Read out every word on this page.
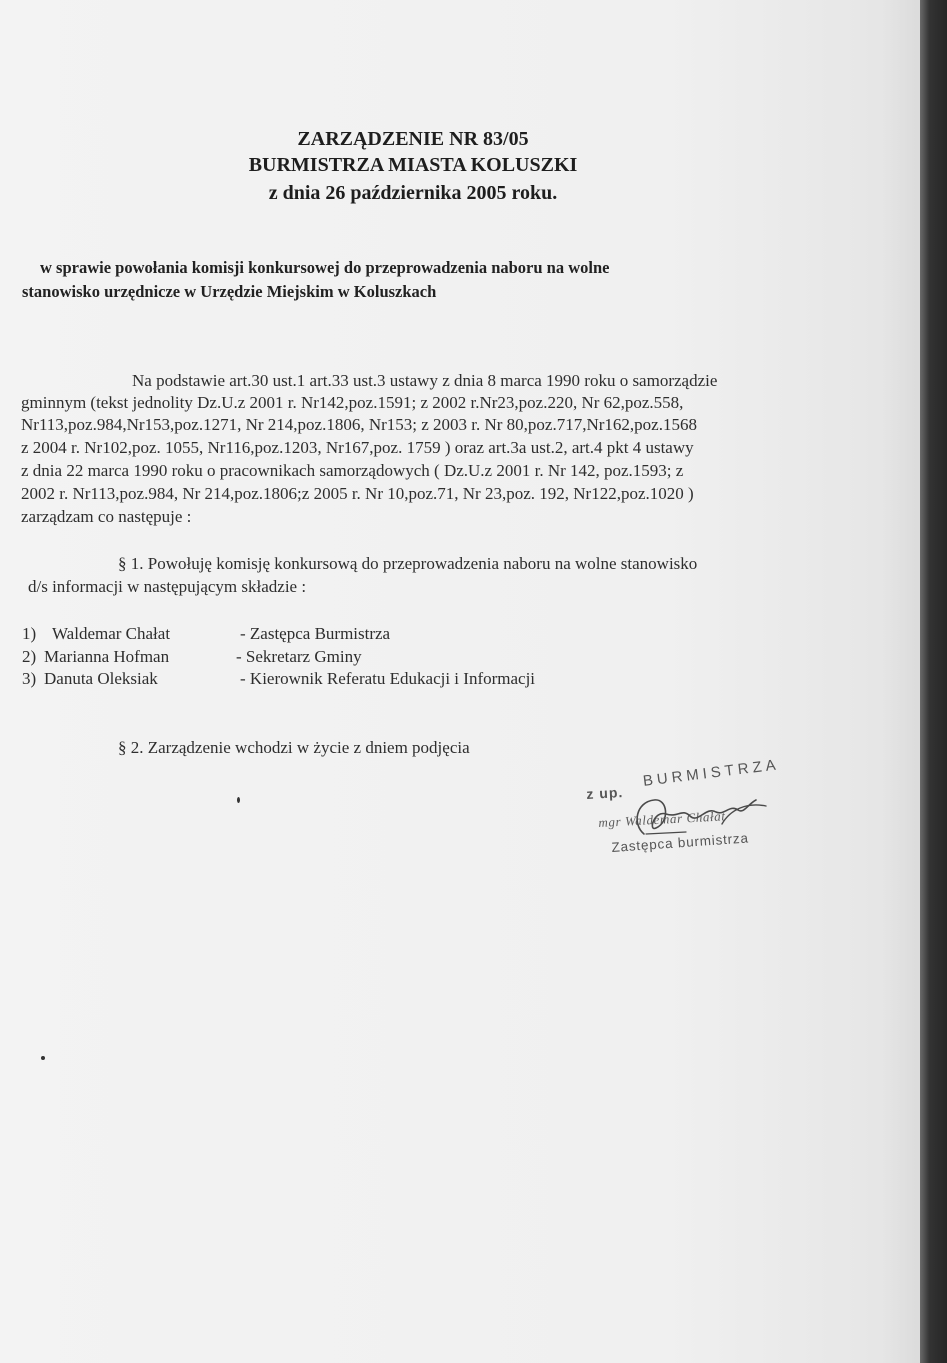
ZARZĄDZENIE NR 83/05
BURMISTRZA MIASTA KOLUSZKI
z dnia 26 października 2005 roku.
w sprawie powołania komisji konkursowej do przeprowadzenia naboru na wolne
stanowisko urzędnicze w Urzędzie Miejskim w Koluszkach
Na podstawie art.30 ust.1 art.33 ust.3 ustawy z dnia 8 marca 1990 roku o samorządzie
gminnym (tekst jednolity Dz.U.z 2001 r. Nr142,poz.1591; z 2002 r.Nr23,poz.220, Nr 62,poz.558,
Nr113,poz.984,Nr153,poz.1271, Nr 214,poz.1806, Nr153; z 2003 r. Nr 80,poz.717,Nr162,poz.1568
z 2004 r. Nr102,poz. 1055, Nr116,poz.1203, Nr167,poz. 1759 ) oraz art.3a ust.2, art.4 pkt 4 ustawy
z dnia 22 marca 1990 roku o pracownikach samorządowych ( Dz.U.z 2001 r. Nr 142, poz.1593; z
2002 r. Nr113,poz.984, Nr 214,poz.1806;z 2005 r. Nr 10,poz.71, Nr 23,poz. 192, Nr122,poz.1020 )
zarządzam co następuje :
§ 1. Powołuję komisję konkursową do przeprowadzenia naboru na wolne stanowisko
d/s informacji w następującym składzie :
1) Waldemar Chałat	- Zastępca Burmistrza
2) Marianna Hofman	- Sekretarz Gminy
3) Danuta Oleksiak	- Kierownik Referatu Edukacji i Informacji
§ 2. Zarządzenie wchodzi w życie z dniem podjęcia
z up.
BURMISTRZA
mgr Waldemar Chałat
Zastępca burmistrza
